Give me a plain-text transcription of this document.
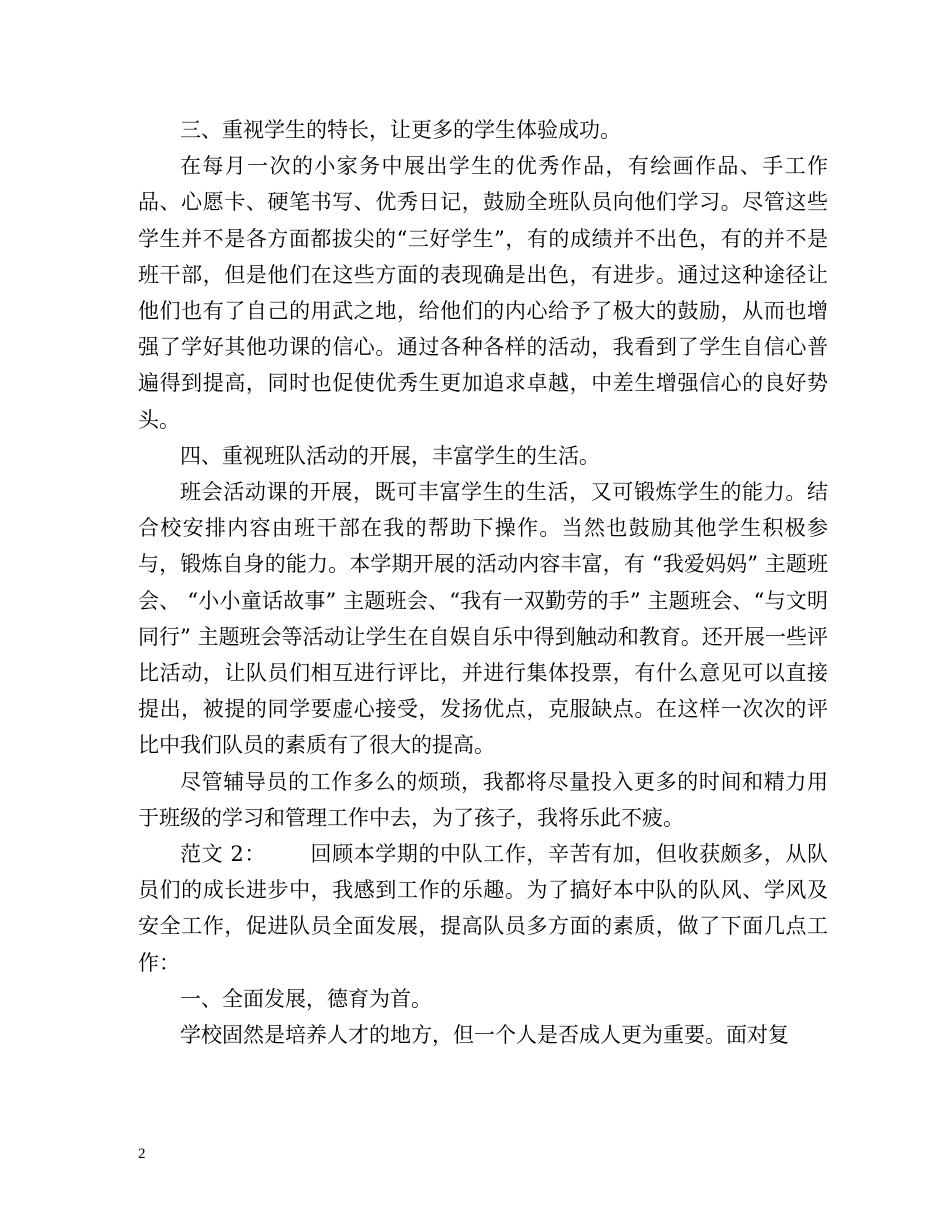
三、重视学生的特长，让更多的学生体验成功。

在每月一次的小家务中展出学生的优秀作品，有绘画作品、手工作品、心愿卡、硬笔书写、优秀日记，鼓励全班队员向他们学习。尽管这些学生并不是各方面都拔尖的“三好学生”，有的成绩并不出色，有的并不是班干部，但是他们在这些方面的表现确是出色，有进步。通过这种途径让他们也有了自己的用武之地，给他们的内心给予了极大的鼓励，从而也增强了学好其他功课的信心。通过各种各样的活动，我看到了学生自信心普遍得到提高，同时也促使优秀生更加追求卓越，中差生增强信心的良好势头。

四、重视班队活动的开展，丰富学生的生活。

班会活动课的开展，既可丰富学生的生活，又可锻炼学生的能力。结合校安排内容由班干部在我的帮助下操作。当然也鼓励其他学生积极参与，锻炼自身的能力。本学期开展的活动内容丰富，有 “我爱妈妈” 主题班会、 “小小童话故事” 主题班会、“我有一双勤劳的手” 主题班会、“与文明同行” 主题班会等活动让学生在自娱自乐中得到触动和教育。还开展一些评比活动，让队员们相互进行评比，并进行集体投票，有什么意见可以直接提出，被提的同学要虚心接受，发扬优点，克服缺点。在这样一次次的评比中我们队员的素质有了很大的提高。

尽管辅导员的工作多么的烦琐，我都将尽量投入更多的时间和精力用于班级的学习和管理工作中去，为了孩子，我将乐此不疲。

范文 2： 回顾本学期的中队工作，辛苦有加，但收获颇多，从队员们的成长进步中，我感到工作的乐趣。为了搞好本中队的队风、学风及安全工作，促进队员全面发展，提高队员多方面的素质，做了下面几点工作：

一、全面发展，德育为首。

学校固然是培养人才的地方，但一个人是否成人更为重要。面对复

2
